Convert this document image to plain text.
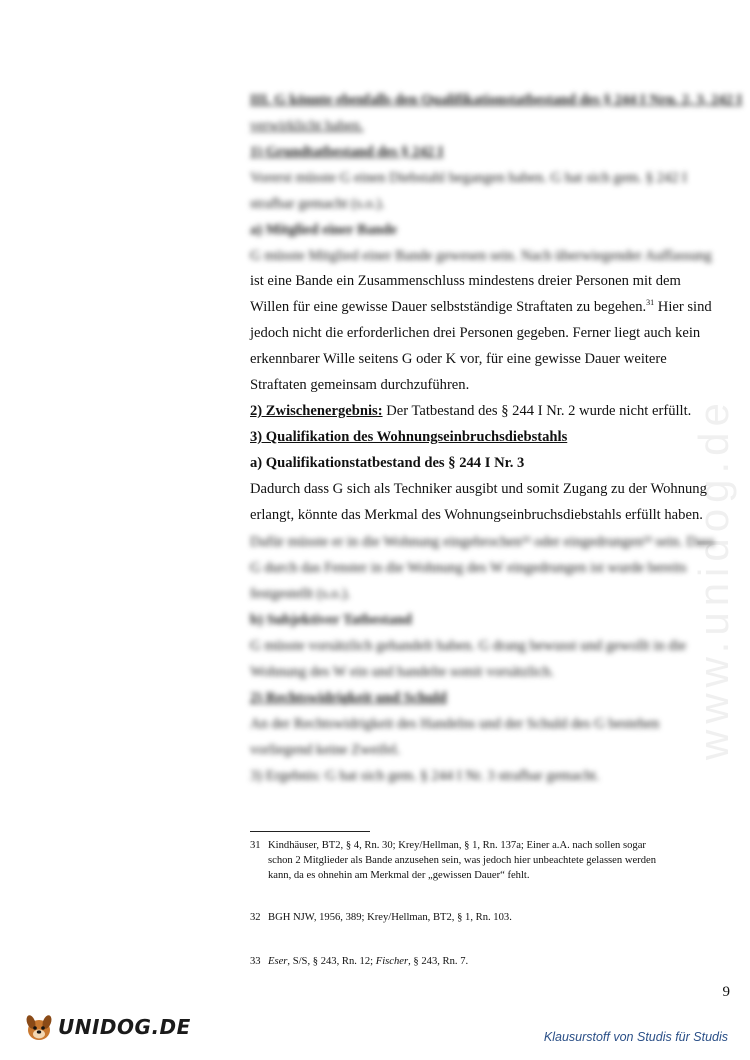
www.unidog.de
III. G könnte ebenfalls den Qualifikationstatbestand des § 244 I Nrn. 2, 3, 242 I
verwirklicht haben.
1) Grundtatbestand des § 242 I
Vorerst müsste G einen Diebstahl begangen haben. G hat sich gem. § 242 I
strafbar gemacht (s.o.).
a) Mitglied einer Bande
G müsste Mitglied einer Bande gewesen sein. Nach überwiegender Auffassung
ist eine Bande ein Zusammenschluss mindestens dreier Personen mit dem
Willen für eine gewisse Dauer selbstständige Straftaten zu begehen.$^{31}$ Hier sind
jedoch nicht die erforderlichen drei Personen gegeben. Ferner liegt auch kein
erkennbarer Wille seitens G oder K vor, für eine gewisse Dauer weitere
Straftaten gemeinsam durchzuführen.
2) Zwischenergebnis: Der Tatbestand des § 244 I Nr. 2 wurde nicht erfüllt.
3) Qualifikation des Wohnungseinbruchsdiebstahls
a) Qualifikationstatbestand des § 244 I Nr. 3
Dadurch dass G sich als Techniker ausgibt und somit Zugang zu der Wohnung
erlangt, könnte das Merkmal des Wohnungseinbruchsdiebstahls erfüllt haben.
Dafür müsste er in die Wohnung eingebrochen³² oder eingedrungen³³ sein. Dass
G durch das Fenster in die Wohnung des W eingedrungen ist wurde bereits
festgestellt (s.o.).
b) Subjektiver Tatbestand
G müsste vorsätzlich gehandelt haben. G drang bewusst und gewollt in die
Wohnung des W ein und handelte somit vorsätzlich.
2) Rechtswidrigkeit und Schuld
An der Rechtswidrigkeit des Handelns und der Schuld des G bestehen
vorliegend keine Zweifel.
3) Ergebnis: G hat sich gem. § 244 I Nr. 3 strafbar gemacht.
31 Kindhäuser, BT2, § 4, Rn. 30; Krey/Hellman, § 1, Rn. 137a; Einer a.A. nach sollen sogar
schon 2 Mitglieder als Bande anzusehen sein, was jedoch hier unbeachtete gelassen werden
kann, da es ohnehin am Merkmal der „gewissen Dauer“ fehlt.
32 BGH NJW, 1956, 389; Krey/Hellman, BT2, § 1, Rn. 103.
33 Eser, S/S, § 243, Rn. 12; Fischer, § 243, Rn. 7.
9
UNIDOG.DE	Klausurstoff von Studis für Studis
